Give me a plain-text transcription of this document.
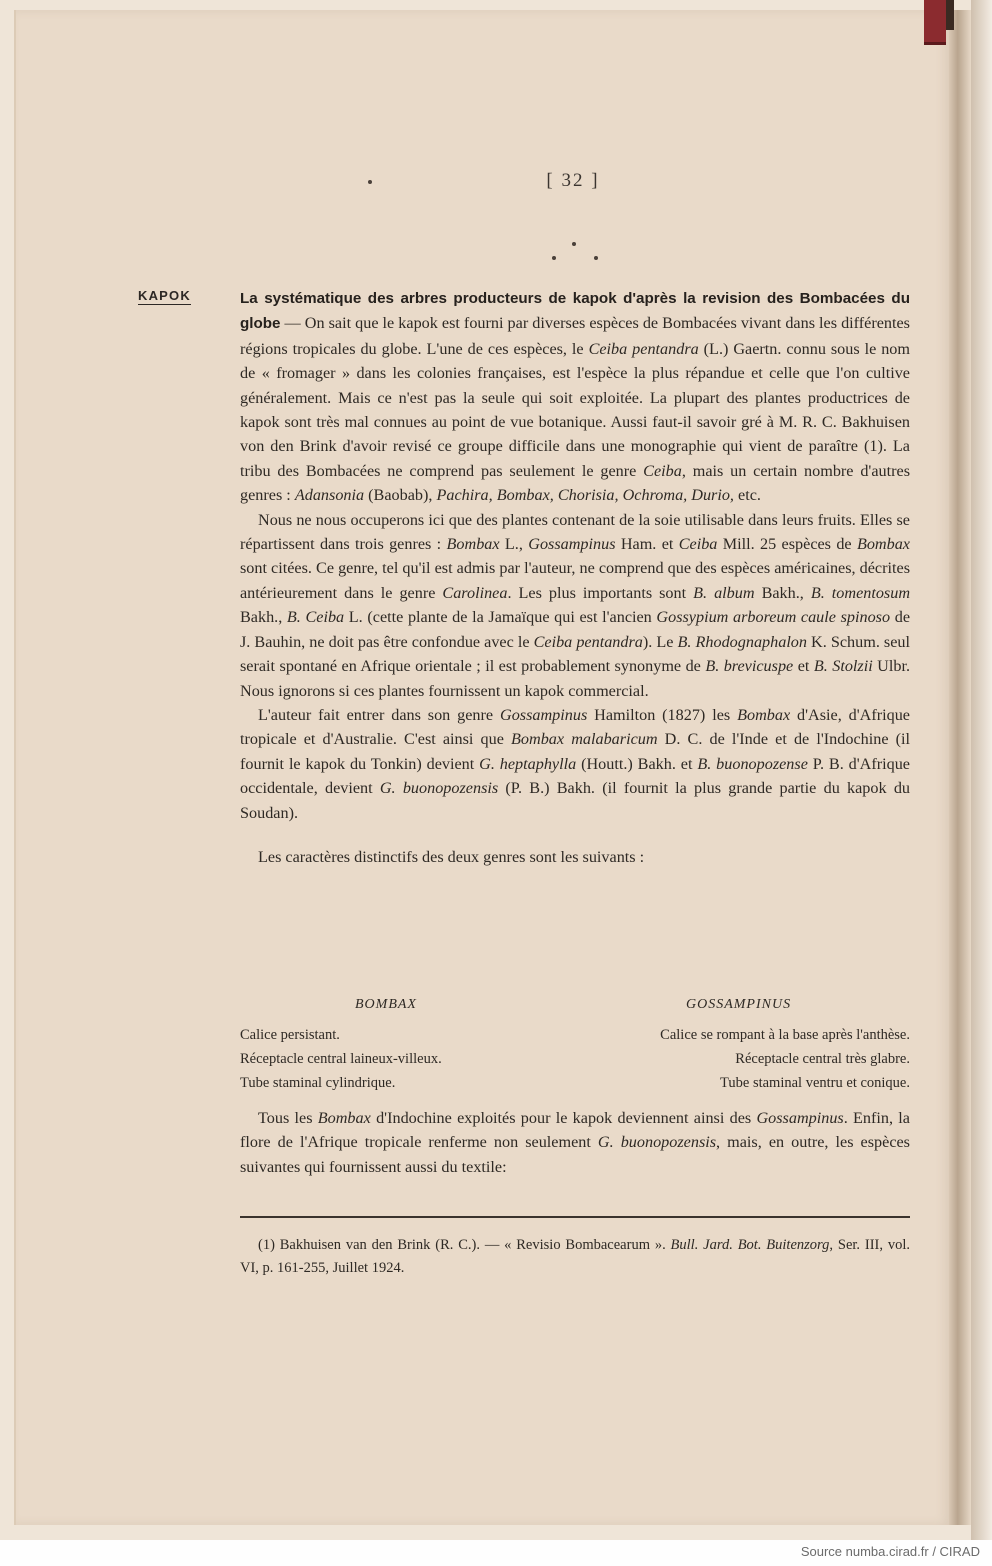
[ 32 ]
KAPOK	La systématique des arbres producteurs de kapok d'après la revision des Bombacées du globe — On sait que le kapok est fourni par diverses espèces de Bombacées vivant dans les différentes régions tropicales du globe. L'une de ces espèces, le Ceiba pentandra (L.) Gaertn. connu sous le nom de « fromager » dans les colonies françaises, est l'espèce la plus répandue et celle que l'on cultive généralement. Mais ce n'est pas la seule qui soit exploitée. La plupart des plantes productrices de kapok sont très mal connues au point de vue botanique. Aussi faut-il savoir gré à M. R. C. Bakhuisen von den Brink d'avoir revisé ce groupe difficile dans une monographie qui vient de paraître (1). La tribu des Bombacées ne comprend pas seulement le genre Ceiba, mais un certain nombre d'autres genres : Adansonia (Baobab), Pachira, Bombax, Chorisia, Ochroma, Durio, etc.

Nous ne nous occuperons ici que des plantes contenant de la soie utilisable dans leurs fruits. Elles se répartissent dans trois genres : Bombax L., Gossampinus Ham. et Ceiba Mill. 25 espèces de Bombax sont citées. Ce genre, tel qu'il est admis par l'auteur, ne comprend que des espèces américaines, décrites antérieurement dans le genre Carolinea. Les plus importants sont B. album Bakh., B. tomentosum Bakh., B. Ceiba L. (cette plante de la Jamaïque qui est l'ancien Gossypium arboreum caule spinoso de J. Bauhin, ne doit pas être confondue avec le Ceiba pentandra). Le B. Rhodognaphalon K. Schum. seul serait spontané en Afrique orientale ; il est probablement synonyme de B. brevicuspe et B. Stolzii Ulbr. Nous ignorons si ces plantes fournissent un kapok commercial.

L'auteur fait entrer dans son genre Gossampinus Hamilton (1827) les Bombax d'Asie, d'Afrique tropicale et d'Australie. C'est ainsi que Bombax malabaricum D. C. de l'Inde et de l'Indochine (il fournit le kapok du Tonkin) devient G. heptaphylla (Houtt.) Bakh. et B. buonopozense P. B. d'Afrique occidentale, devient G. buonopozensis (P. B.) Bakh. (il fournit la plus grande partie du kapok du Soudan).

Les caractères distinctifs des deux genres sont les suivants :

BOMBAX
Calice persistant.
Réceptacle central laineux-villeux.
Tube staminal cylindrique.
GOSSAMPINUS
Calice se rompant à la base après l'anthèse.
Réceptacle central très glabre.
Tube staminal ventru et conique.

Tous les Bombax d'Indochine exploités pour le kapok deviennent ainsi des Gossampinus. Enfin, la flore de l'Afrique tropicale renferme non seulement G. buonopozensis, mais, en outre, les espèces suivantes qui fournissent aussi du textile:

(1) Bakhuisen van den Brink (R. C.). — « Revisio Bombacearum ». Bull. Jard. Bot. Buitenzorg, Ser. III, vol. VI, p. 161-255, Juillet 1924.

Source numba.cirad.fr / CIRAD
